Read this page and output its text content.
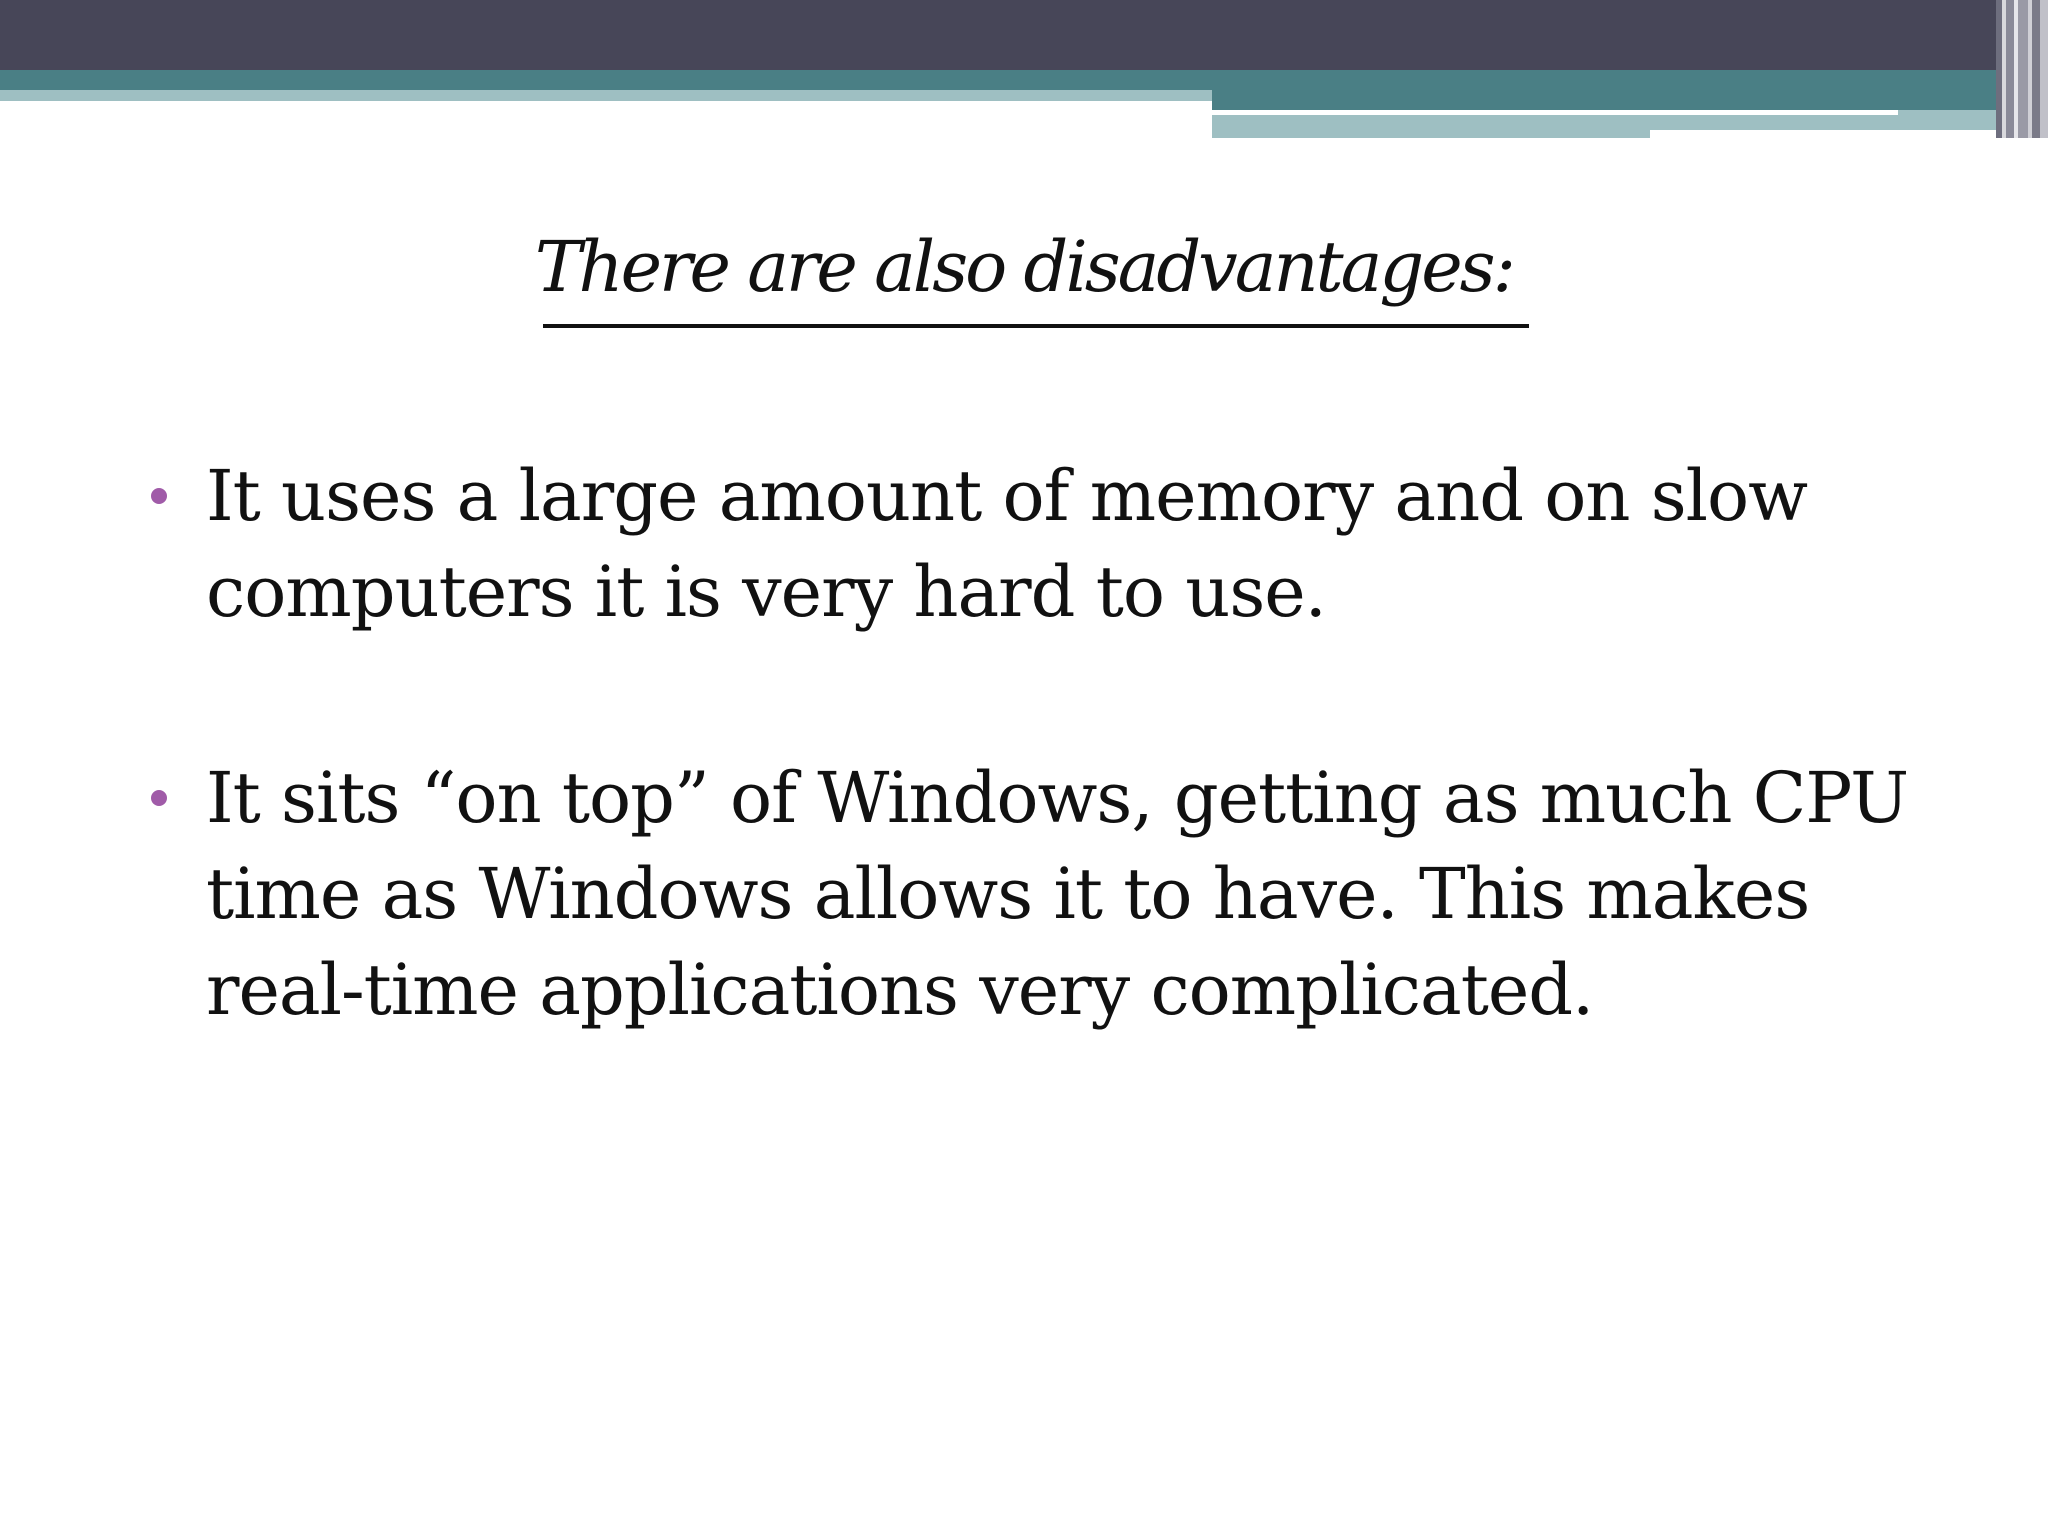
There are also disadvantages:
It uses a large amount of memory and on slow computers it is very hard to use.
It sits “on top” of Windows, getting as much CPU time as Windows allows it to have. This makes real-time applications very complicated.
